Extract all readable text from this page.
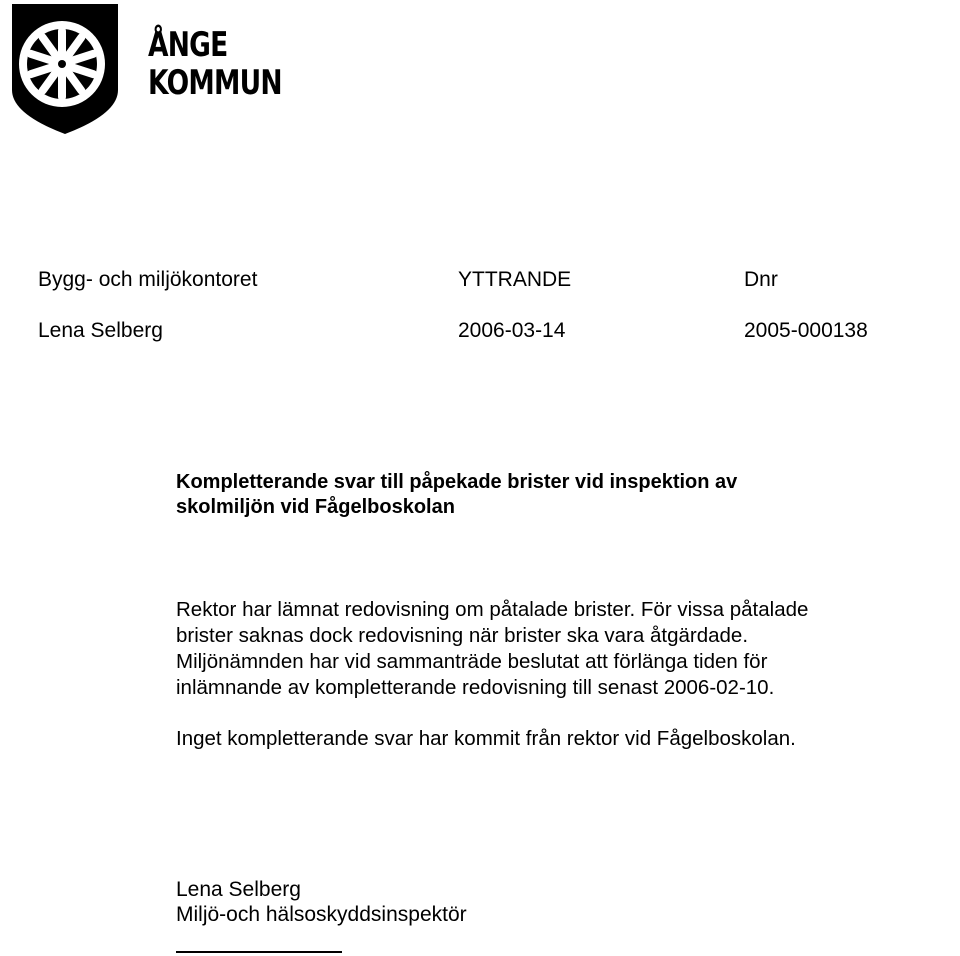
ÅNGE
KOMMUN
Bygg- och miljökontoret	YTTRANDE	Dnr
Lena Selberg	2006-03-14	2005-000138
Kompletterande svar till påpekade brister vid inspektion av
skolmiljön vid Fågelboskolan
Rektor har lämnat redovisning om påtalade brister. För vissa påtalade
brister saknas dock redovisning när brister ska vara åtgärdade.
Miljönämnden har vid sammanträde beslutat att förlänga tiden för
inlämnande av kompletterande redovisning till senast 2006-02-10.
Inget kompletterande svar har kommit från rektor vid Fågelboskolan.
Lena Selberg
Miljö-och hälsoskyddsinspektör
